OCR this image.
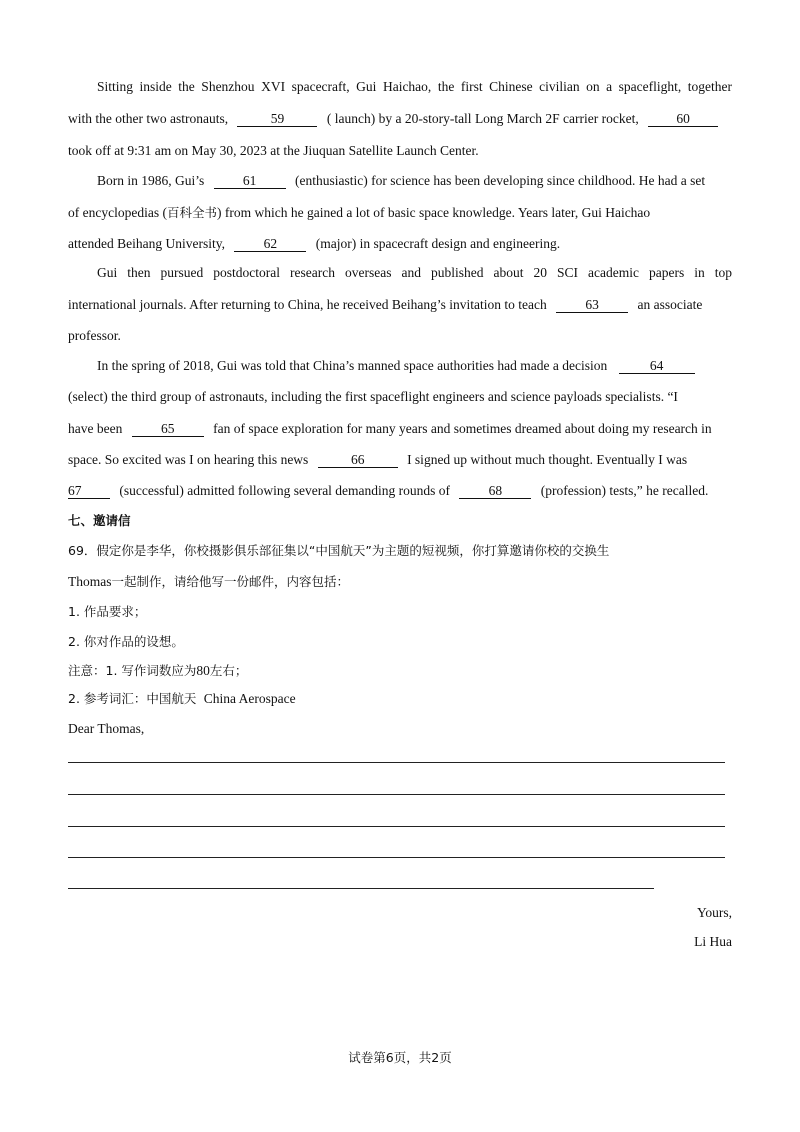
Sitting inside the Shenzhou XVI spacecraft, Gui Haichao, the first Chinese civilian on a spaceflight, together
with the other two astronauts,	59	( launch) by a 20-story-tall Long March 2F carrier rocket,	60
took off at 9:31 am on May 30, 2023 at the Jiuquan Satellite Launch Center.
Born in 1986, Gui’s	61	(enthusiastic) for science has been developing since childhood. He had a set
of encyclopedias (百科全书) from which he gained a lot of basic space knowledge. Years later, Gui Haichao
attended Beihang University,	62	(major) in spacecraft design and engineering.
Gui then pursued postdoctoral research overseas and published about 20 SCI academic papers in top
international journals. After returning to China, he received Beihang’s invitation to teach	63	an associate
professor.
In the spring of 2018, Gui was told that China’s manned space authorities had made a decision	64
(select) the third group of astronauts, including the first spaceflight engineers and science payloads specialists. “I
have been	65	fan of space exploration for many years and sometimes dreamed about doing my research in
space. So excited was I on hearing this news	66	I signed up without much thought. Eventually I was
67	(successful) admitted following several demanding rounds of	68	(profession) tests,” he recalled.
七、邀请信
69．假定你是李华，你校摄影俱乐部征集以“中国航天”为主题的短视频，你打算邀请你校的交换生
Thomas一起制作，请给他写一份邮件，内容包括：
1. 作品要求；
2. 你对作品的设想。
注意：1. 写作词数应为80左右；
2. 参考词汇：中国航天 China Aerospace
Dear Thomas,
Yours,
Li Hua
试卷第6页，共2页
